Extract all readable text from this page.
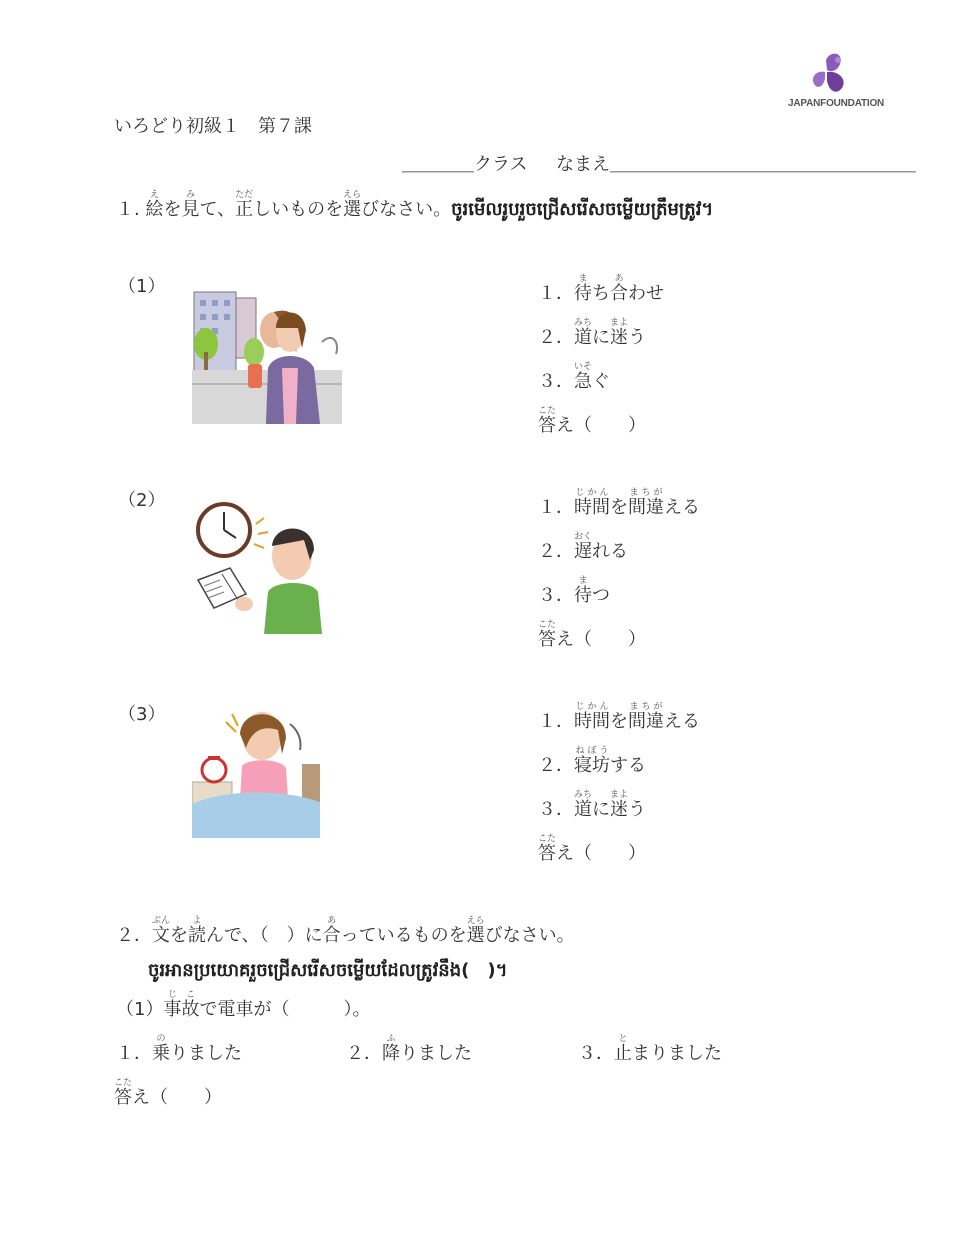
JAPANFOUNDATION
いろどり初級１　第７課
＿＿＿＿クラス なまえ＿＿＿＿＿＿＿＿＿＿＿＿＿＿＿＿＿
１. 絵えを見みて、正ただしいものを選えらびなさい。ចូរមើលរូបរួចជ្រើសរើសចម្លើយត្រឹមត្រូវ។
（1）	１．待まち合あわせ
２．道みちに迷まよう
３．急いそぐ
答こたえ（　　）
（2）	１．時間じかんを間違まちがえる
２．遅おくれる
３．待まつ
答こたえ（　　）
（3）	１．時間じかんを間違まちがえる
２．寝坊ねぼうする
３．道みちに迷まよう
答こたえ（　　）
２．文ぶんを読よんで、（　）に合あっているものを選えらびなさい。
ចូរអានប្រយោគរួចជ្រើសរើសចម្លើយដែលត្រូវនឹង(　)។
（1）事故じこで電車が（　　　）。
１．乗のりました	２．降ふりました	３．止とまりました
答こたえ（　　）
